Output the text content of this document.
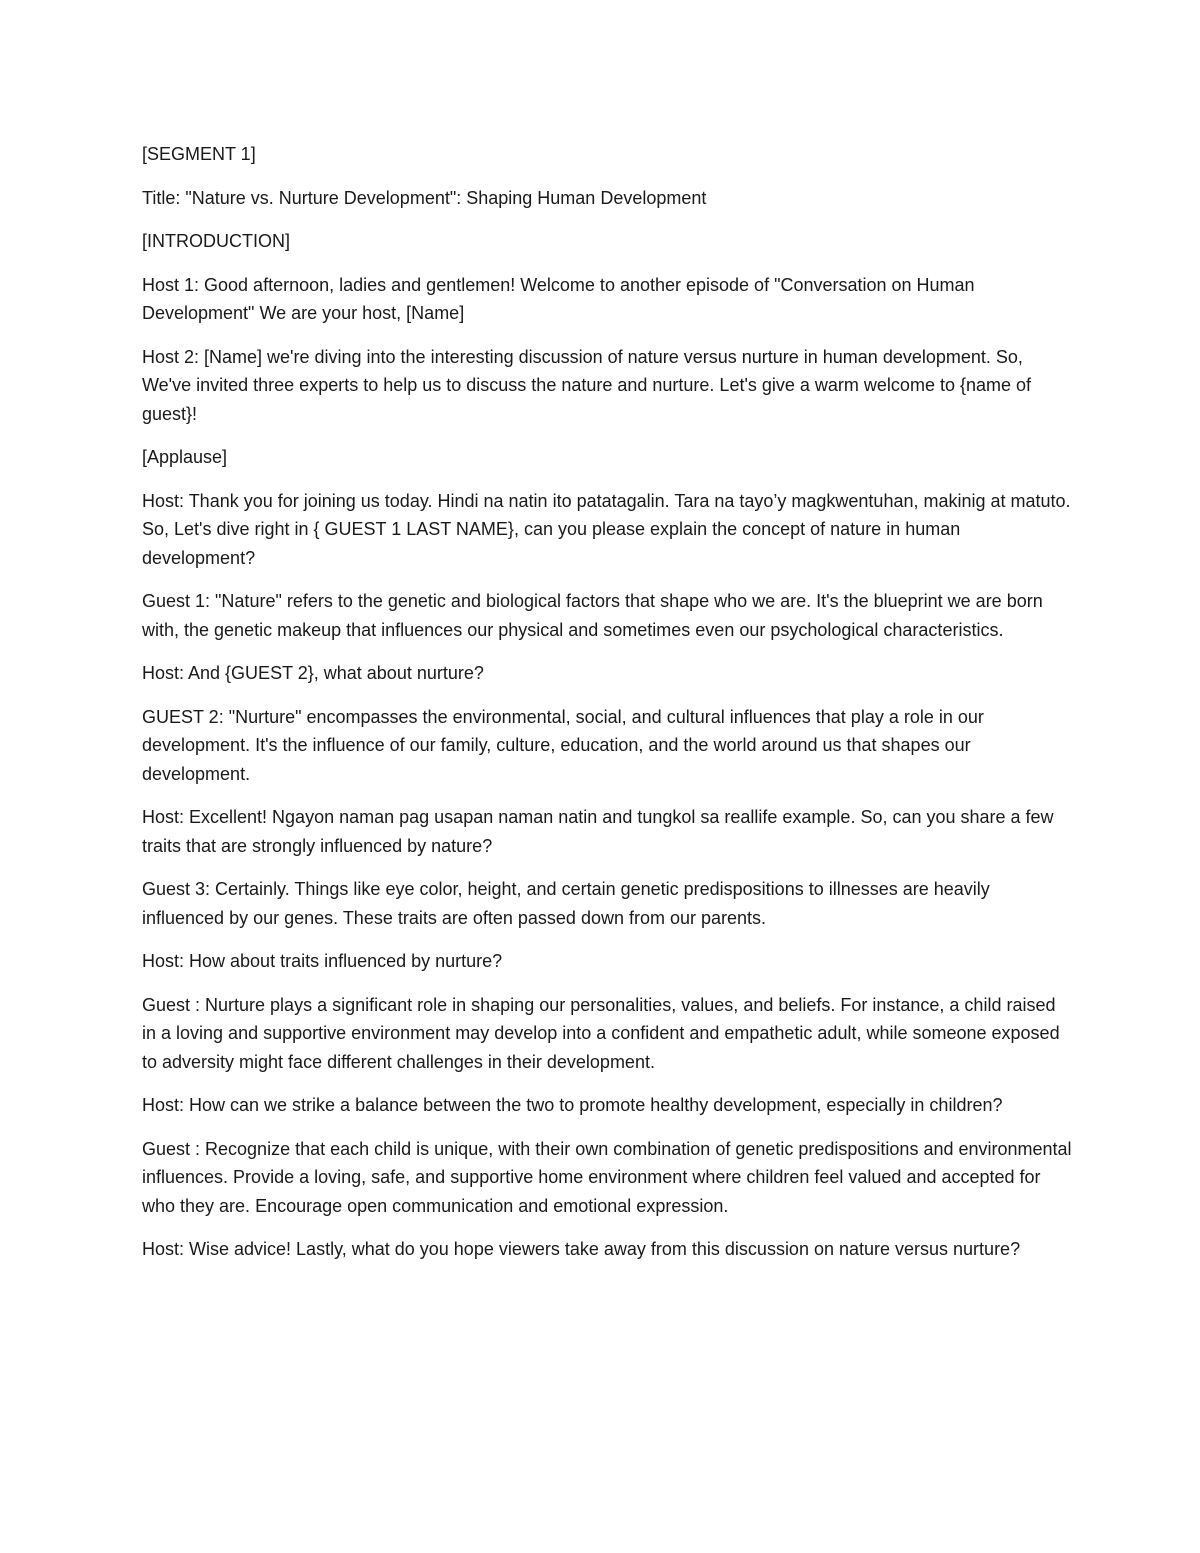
[SEGMENT 1]

Title: "Nature vs. Nurture Development": Shaping Human Development

[INTRODUCTION]

Host 1: Good afternoon, ladies and gentlemen! Welcome to another episode of "Conversation on Human Development" We are your host, [Name]

Host 2: [Name] we're diving into the interesting discussion of nature versus nurture in human development. So, We've invited three experts to help us to discuss the nature and nurture. Let's give a warm welcome to {name of guest}!

[Applause]

Host: Thank you for joining us today. Hindi na natin ito patatagalin. Tara na tayo’y magkwentuhan, makinig at matuto. So, Let's dive right in { GUEST 1 LAST NAME}, can you please explain the concept of nature in human development?

Guest 1: "Nature" refers to the genetic and biological factors that shape who we are. It's the blueprint we are born with, the genetic makeup that influences our physical and sometimes even our psychological characteristics.

Host: And {GUEST 2}, what about nurture?

GUEST 2: "Nurture" encompasses the environmental, social, and cultural influences that play a role in our development. It's the influence of our family, culture, education, and the world around us that shapes our development.

Host: Excellent! Ngayon naman pag usapan naman natin and tungkol sa reallife example. So, can you share a few traits that are strongly influenced by nature?

Guest 3: Certainly. Things like eye color, height, and certain genetic predispositions to illnesses are heavily influenced by our genes. These traits are often passed down from our parents.

Host: How about traits influenced by nurture?

Guest : Nurture plays a significant role in shaping our personalities, values, and beliefs. For instance, a child raised in a loving and supportive environment may develop into a confident and empathetic adult, while someone exposed to adversity might face different challenges in their development.

Host: How can we strike a balance between the two to promote healthy development, especially in children?

Guest : Recognize that each child is unique, with their own combination of genetic predispositions and environmental influences. Provide a loving, safe, and supportive home environment where children feel valued and accepted for who they are. Encourage open communication and emotional expression.

Host: Wise advice! Lastly, what do you hope viewers take away from this discussion on nature versus nurture?
